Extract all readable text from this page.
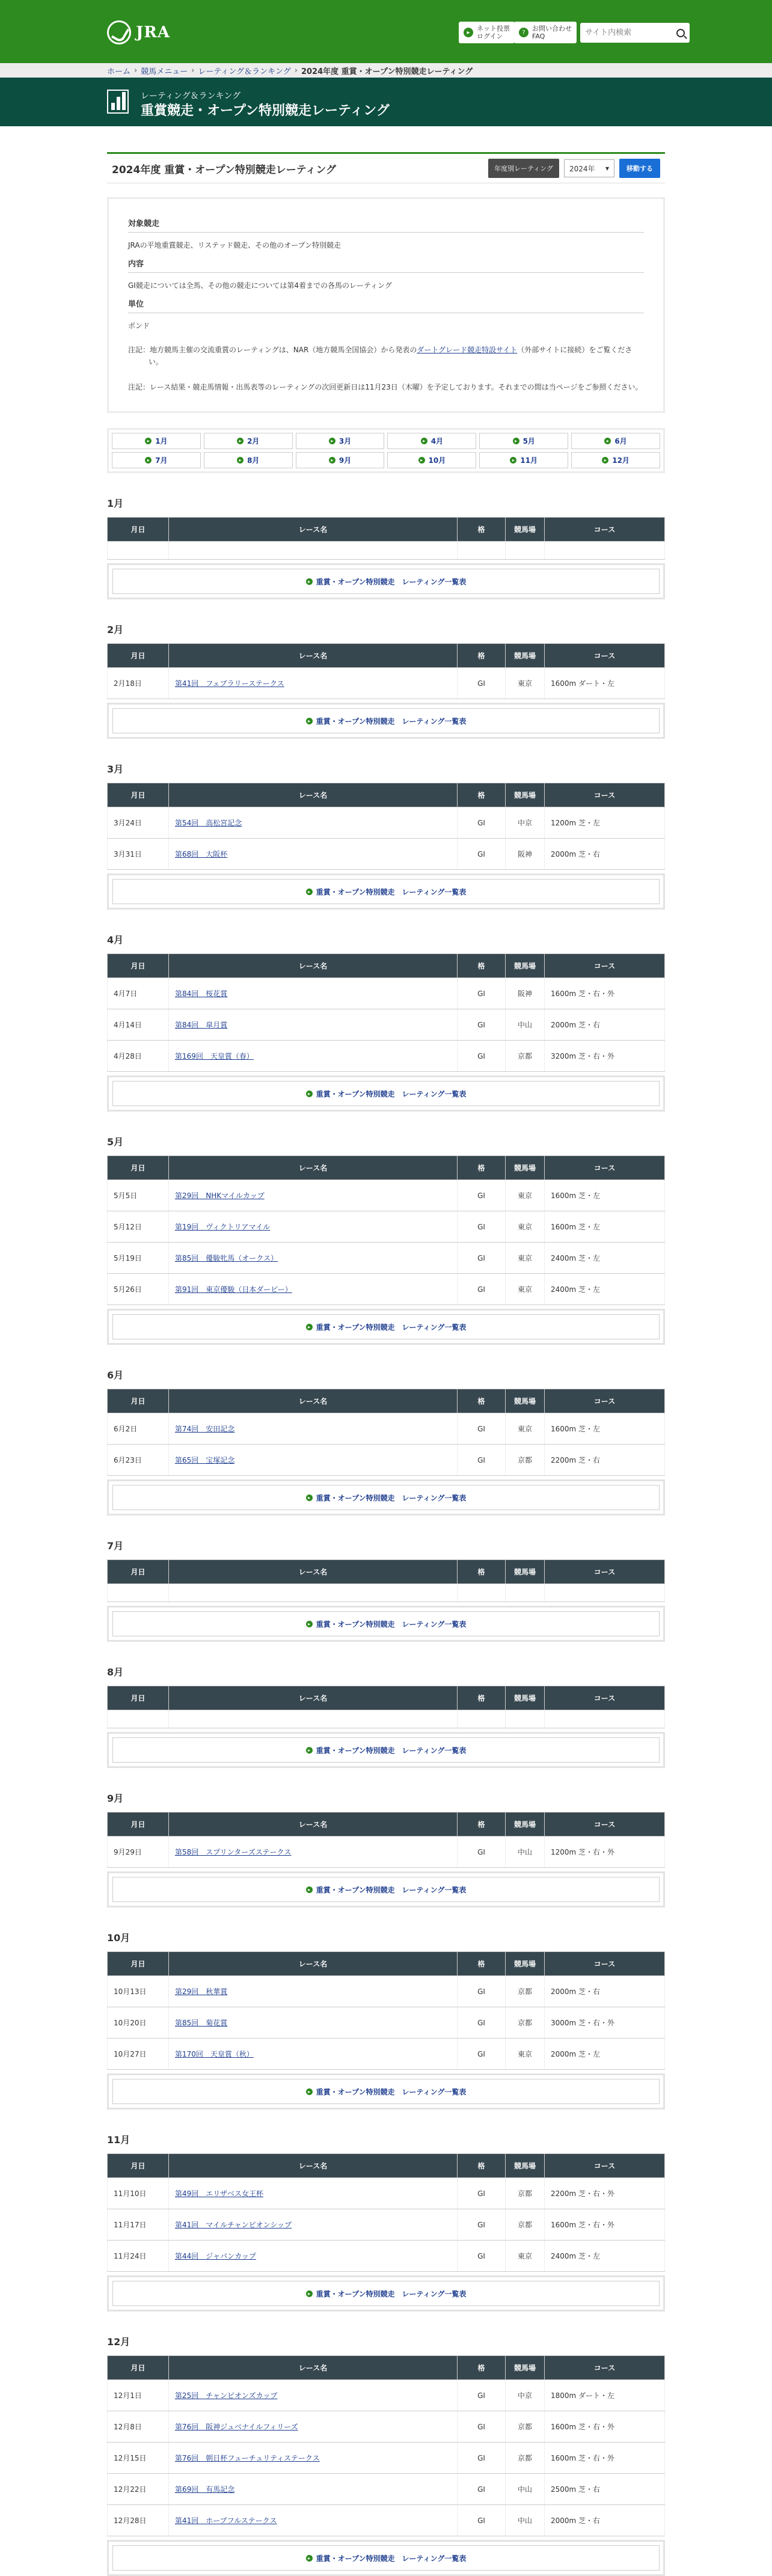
JRA	▸	ネット投票
ログイン	?	お問い合わせ
FAQ
サイト内検索
ホーム › 競馬メニュー › レーティング＆ランキング › 2024年度 重賞・オープン特別競走レーティング
レーティング＆ランキング
重賞競走・オープン特別競走レーティング
2024年度 重賞・オープン特別競走レーティング	年度別レーティング	2024年 ▾	移動する
対象競走

JRAの平地重賞競走、リステッド競走、その他のオープン特別競走

内容

GI競走については全馬、その他の競走については第4着までの各馬のレーティング

単位

ポンド

注記：地方競馬主催の交流重賞のレーティングは、NAR（地方競馬全国協会）から発表のダートグレード競走特設サイト（外部サイトに接続）をご覧ください。
注記：レース結果・競走馬情報・出馬表等のレーティングの次回更新日は11月23日（木曜）を予定しております。それまでの間は当ページをご参照ください。
▸ 1月	▸ 2月	▸ 3月	▸ 4月	▸ 5月	▸ 6月
▸ 7月	▸ 8月	▸ 9月	▸ 10月	▸ 11月	▸ 12月
1月
月日	レース名	格	競馬場	コース

▸ 重賞・オープン特別競走　レーティング一覧表
2月
月日	レース名	格	競馬場	コース
2月18日	第41回　フェブラリーステークス	GI	東京	1600m ダート・左
▸ 重賞・オープン特別競走　レーティング一覧表
3月
月日	レース名	格	競馬場	コース
3月24日	第54回　高松宮記念	GI	中京	1200m 芝・左
3月31日	第68回　大阪杯	GI	阪神	2000m 芝・右
▸ 重賞・オープン特別競走　レーティング一覧表
4月
月日	レース名	格	競馬場	コース
4月7日	第84回　桜花賞	GI	阪神	1600m 芝・右・外
4月14日	第84回　皐月賞	GI	中山	2000m 芝・右
4月28日	第169回　天皇賞（春）	GI	京都	3200m 芝・右・外
▸ 重賞・オープン特別競走　レーティング一覧表
5月
月日	レース名	格	競馬場	コース
5月5日	第29回　NHKマイルカップ	GI	東京	1600m 芝・左
5月12日	第19回　ヴィクトリアマイル	GI	東京	1600m 芝・左
5月19日	第85回　優駿牝馬（オークス）	GI	東京	2400m 芝・左
5月26日	第91回　東京優駿（日本ダービー）	GI	東京	2400m 芝・左
▸ 重賞・オープン特別競走　レーティング一覧表
6月
月日	レース名	格	競馬場	コース
6月2日	第74回　安田記念	GI	東京	1600m 芝・左
6月23日	第65回　宝塚記念	GI	京都	2200m 芝・右
▸ 重賞・オープン特別競走　レーティング一覧表
7月
月日	レース名	格	競馬場	コース

▸ 重賞・オープン特別競走　レーティング一覧表
8月
月日	レース名	格	競馬場	コース

▸ 重賞・オープン特別競走　レーティング一覧表
9月
月日	レース名	格	競馬場	コース
9月29日	第58回　スプリンターズステークス	GI	中山	1200m 芝・右・外
▸ 重賞・オープン特別競走　レーティング一覧表
10月
月日	レース名	格	競馬場	コース
10月13日	第29回　秋華賞	GI	京都	2000m 芝・右
10月20日	第85回　菊花賞	GI	京都	3000m 芝・右・外
10月27日	第170回　天皇賞（秋）	GI	東京	2000m 芝・左
▸ 重賞・オープン特別競走　レーティング一覧表
11月
月日	レース名	格	競馬場	コース
11月10日	第49回　エリザベス女王杯	GI	京都	2200m 芝・右・外
11月17日	第41回　マイルチャンピオンシップ	GI	京都	1600m 芝・右・外
11月24日	第44回　ジャパンカップ	GI	東京	2400m 芝・左
▸ 重賞・オープン特別競走　レーティング一覧表
12月
月日	レース名	格	競馬場	コース
12月1日	第25回　チャンピオンズカップ	GI	中京	1800m ダート・左
12月8日	第76回　阪神ジュベナイルフィリーズ	GI	京都	1600m 芝・右・外
12月15日	第76回　朝日杯フューチュリティステークス	GI	京都	1600m 芝・右・外
12月22日	第69回　有馬記念	GI	中山	2500m 芝・右
12月28日	第41回　ホープフルステークス	GI	中山	2000m 芝・右
▸ 重賞・オープン特別競走　レーティング一覧表
